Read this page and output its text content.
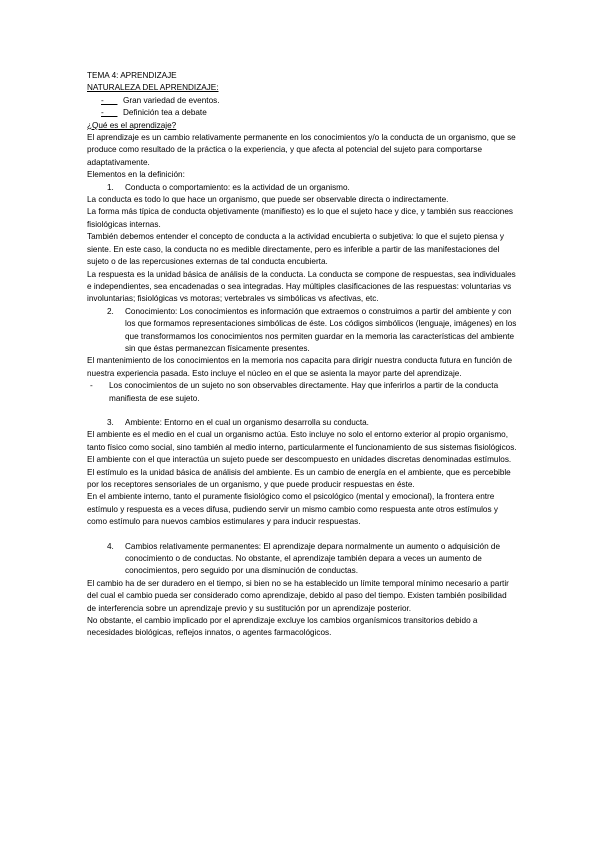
TEMA 4: APRENDIZAJE

NATURALEZA DEL APRENDIZAJE:

-___ Gran variedad de eventos.
-___ Definición tea a debate

¿Qué es el aprendizaje?

El aprendizaje es un cambio relativamente permanente en los conocimientos y/o la conducta de un organismo, que se produce como resultado de la práctica o la experiencia, y que afecta al potencial del sujeto para comportarse adaptativamente.

Elementos en la definición:

1.	Conducta o comportamiento: es la actividad de un organismo.

La conducta es todo lo que hace un organismo, que puede ser observable directa o indirectamente.

La forma más típica de conducta objetivamente (manifiesto) es lo que el sujeto hace y dice, y también sus reacciones fisiológicas internas.

También debemos entender el concepto de conducta a la actividad encubierta o subjetiva: lo que el sujeto piensa y siente. En este caso, la conducta no es medible directamente, pero es inferible a partir de las manifestaciones del sujeto o de las repercusiones externas de tal conducta encubierta.

La respuesta es la unidad básica de análisis de la conducta. La conducta se compone de respuestas, sea individuales e independientes, sea encadenadas o sea integradas. Hay múltiples clasificaciones de las respuestas: voluntarias vs involuntarias; fisiológicas vs motoras; vertebrales vs simbólicas vs afectivas, etc.

2.	Conocimiento: Los conocimientos es información que extraemos o construimos a partir del ambiente y con los que formamos representaciones simbólicas de éste. Los códigos simbólicos (lenguaje, imágenes) en los que transformamos los conocimientos nos permiten guardar en la memoria las características del ambiente sin que éstas permanezcan físicamente presentes.

El mantenimiento de los conocimientos en la memoria nos capacita para dirigir nuestra conducta futura en función de nuestra experiencia pasada. Esto incluye el núcleo en el que se asienta la mayor parte del aprendizaje.

-	Los conocimientos de un sujeto no son observables directamente. Hay que inferirlos a partir de la conducta manifiesta de ese sujeto.
3.	Ambiente: Entorno en el cual un organismo desarrolla su conducta.

El ambiente es el medio en el cual un organismo actúa. Esto incluye no solo el entorno exterior al propio organismo, tanto físico como social, sino también al medio interno, particularmente el funcionamiento de sus sistemas fisiológicos.

El ambiente con el que interactúa un sujeto puede ser descompuesto en unidades discretas denominadas estímulos. El estímulo es la unidad básica de análisis del ambiente. Es un cambio de energía en el ambiente, que es percebible por los receptores sensoriales de un organismo, y que puede producir respuestas en éste.

En el ambiente interno, tanto el puramente fisiológico como el psicológico (mental y emocional), la frontera entre estímulo y respuesta es a veces difusa, pudiendo servir un mismo cambio como respuesta ante otros estímulos y como estímulo para nuevos cambios estimulares y para inducir respuestas.

4.	Cambios relativamente permanentes: El aprendizaje depara normalmente un aumento o adquisición de conocimiento o de conductas. No obstante, el aprendizaje también depara a veces un aumento de conocimientos, pero seguido por una disminución de conductas.

El cambio ha de ser duradero en el tiempo, si bien no se ha establecido un límite temporal mínimo necesario a partir del cual el cambio pueda ser considerado como aprendizaje, debido al paso del tiempo. Existen también posibilidad de interferencia sobre un aprendizaje previo y su sustitución por un aprendizaje posterior.

No obstante, el cambio implicado por el aprendizaje excluye los cambios organísmicos transitorios debido a necesidades biológicas, reflejos innatos, o agentes farmacológicos.
